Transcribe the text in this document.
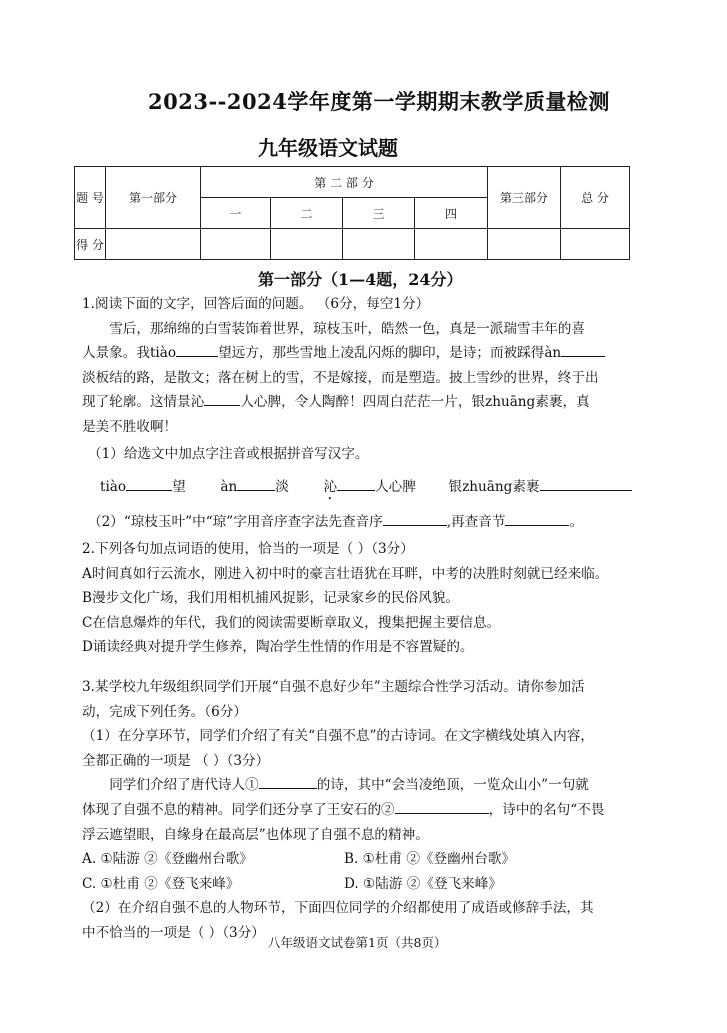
2023--2024学年度第一学期期末教学质量检测
九年级语文试题
题 号	第一部分	第 二 部 分				第三部分	总 分
		一	二	三	四		
得 分							
第一部分（1—4题，24分）
1.阅读下面的文字，回答后面的问题。 （6分，每空1分）
雪后，那绵绵的白雪装饰着世界，琼枝玉叶，皓然一色，真是一派瑞雪丰年的喜
人景象。我tiào	望远方，那些雪地上凌乱闪烁的脚印，是诗；而被踩得àn
淡板结的路，是散文；落在树上的雪，不是嫁接，而是塑造。披上雪纱的世界，终于出
现了轮廓。这情景沁	人心脾，令人陶醉！四周白茫茫一片，银zhuāng素裹，真
是美不胜收啊！
（1）给选文中加点字注音或根据拼音写汉字。
tiào	望	àn	淡	沁	人心脾 银zhuāng素裹
（2）“琼枝玉叶”中“琼”字用音序查字法先查音序	,再查音节	。
2.下列各句加点词语的使用，恰当的一项是（ ）（3分）
A时间真如行云流水，刚进入初中时的豪言壮语犹在耳畔，中考的决胜时刻就已经来临。
B漫步文化广场，我们用相机捕风捉影，记录家乡的民俗风貌。
C在信息爆炸的年代，我们的阅读需要断章取义，搜集把握主要信息。
D诵读经典对提升学生修养，陶冶学生性情的作用是不容置疑的。
3.某学校九年级组织同学们开展“自强不息好少年”主题综合性学习活动。请你参加活
动，完成下列任务。（6分）
（1）在分享环节，同学们介绍了有关“自强不息”的古诗词。在文字横线处填入内容，
全都正确的一项是 （ ）（3分）
同学们介绍了唐代诗人①	的诗，其中“会当凌绝顶，一览众山小”一句就
体现了自强不息的精神。同学们还分享了王安石的②	，诗中的名句“不畏
浮云遮望眼，自缘身在最高层”也体现了自强不息的精神。
A. ①陆游 ②《登幽州台歌》	B. ①杜甫 ②《登幽州台歌》
C. ①杜甫 ②《登飞来峰》	D. ①陆游 ②《登飞来峰》
（2）在介绍自强不息的人物环节，下面四位同学的介绍都使用了成语或修辞手法，其
中不恰当的一项是（ ）（3分）
八年级语文试卷第1页（共8页）
